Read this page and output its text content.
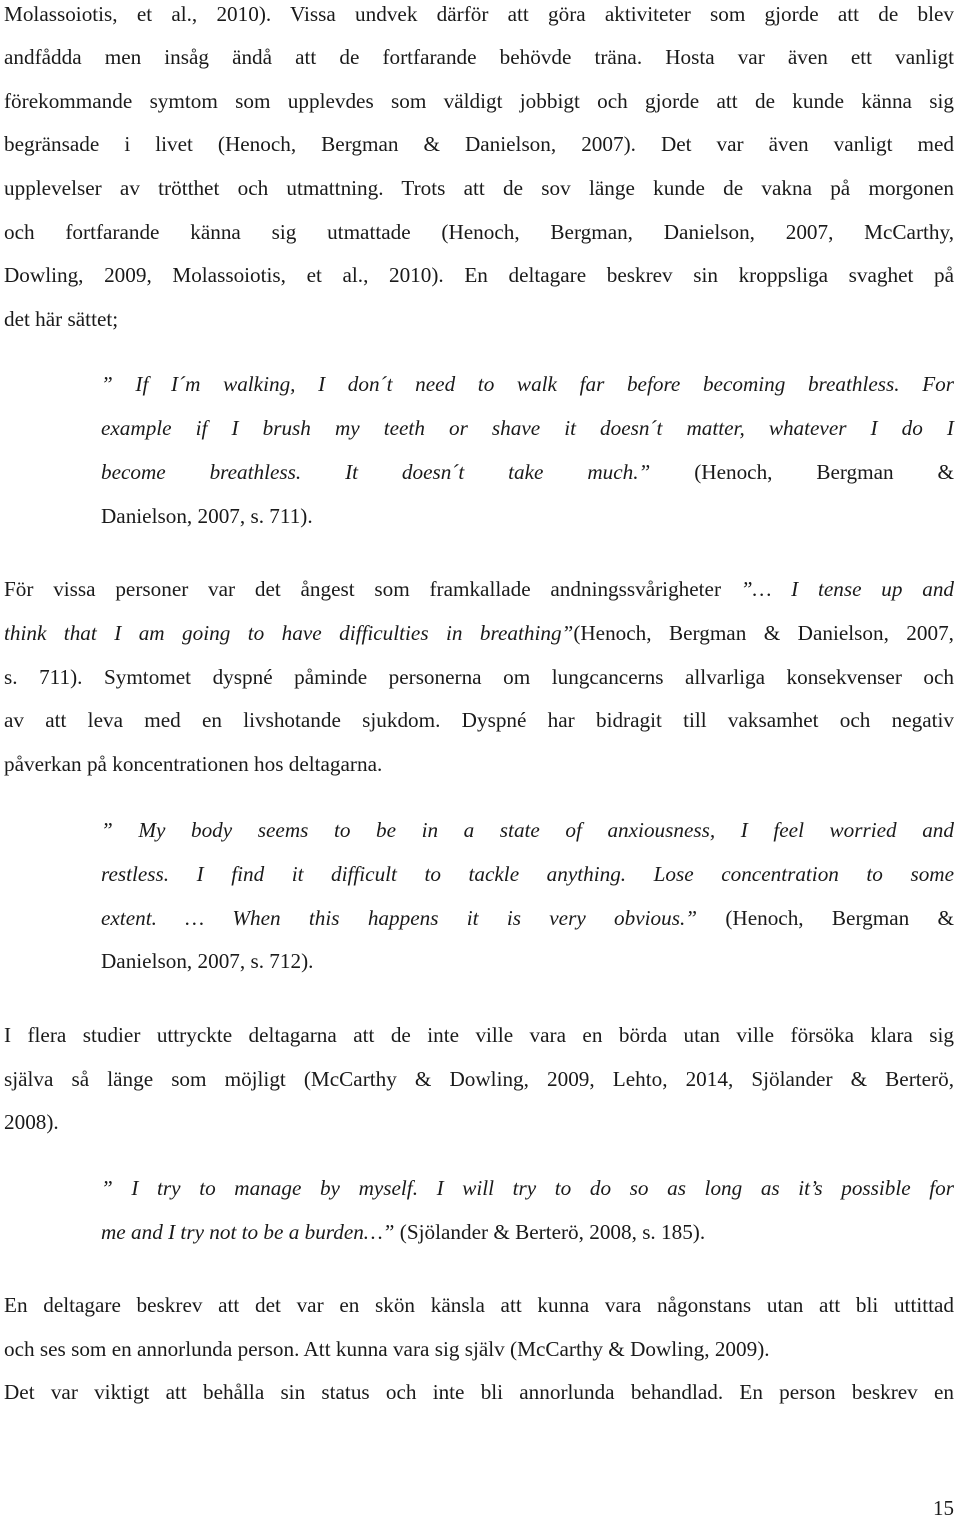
Molassoiotis, et al., 2010). Vissa undvek därför att göra aktiviteter som gjorde att de blev
andfådda men insåg ändå att de fortfarande behövde träna. Hosta var även ett vanligt
förekommande symtom som upplevdes som väldigt jobbigt och gjorde att de kunde känna sig
begränsade i livet (Henoch, Bergman & Danielson, 2007). Det var även vanligt med
upplevelser av trötthet och utmattning. Trots att de sov länge kunde de vakna på morgonen
och fortfarande känna sig utmattade (Henoch, Bergman, Danielson, 2007, McCarthy,
Dowling, 2009, Molassoiotis, et al., 2010). En deltagare beskrev sin kroppsliga svaghet på
det här sättet;
” If I´m walking, I don´t need to walk far before becoming breathless. For
example if I brush my teeth or shave it doesn´t matter, whatever I do I
become breathless. It doesn´t take much.” (Henoch, Bergman &
Danielson, 2007, s. 711).
För vissa personer var det ångest som framkallade andningssvårigheter ”… I tense up and
think that I am going to have difficulties in breathing”(Henoch, Bergman & Danielson, 2007,
s. 711). Symtomet dyspné påminde personerna om lungcancerns allvarliga konsekvenser och
av att leva med en livshotande sjukdom. Dyspné har bidragit till vaksamhet och negativ
påverkan på koncentrationen hos deltagarna.
” My body seems to be in a state of anxiousness, I feel worried and
restless. I find it difficult to tackle anything. Lose concentration to some
extent. … When this happens it is very obvious.” (Henoch, Bergman &
Danielson, 2007, s. 712).
I flera studier uttryckte deltagarna att de inte ville vara en börda utan ville försöka klara sig
själva så länge som möjligt (McCarthy & Dowling, 2009, Lehto, 2014, Sjölander & Berterö,
2008).
” I try to manage by myself. I will try to do so as long as it’s possible for
me and I try not to be a burden…” (Sjölander & Berterö, 2008, s. 185).
En deltagare beskrev att det var en skön känsla att kunna vara någonstans utan att bli uttittad
och ses som en annorlunda person. Att kunna vara sig själv (McCarthy & Dowling, 2009).
Det var viktigt att behålla sin status och inte bli annorlunda behandlad. En person beskrev en
15
